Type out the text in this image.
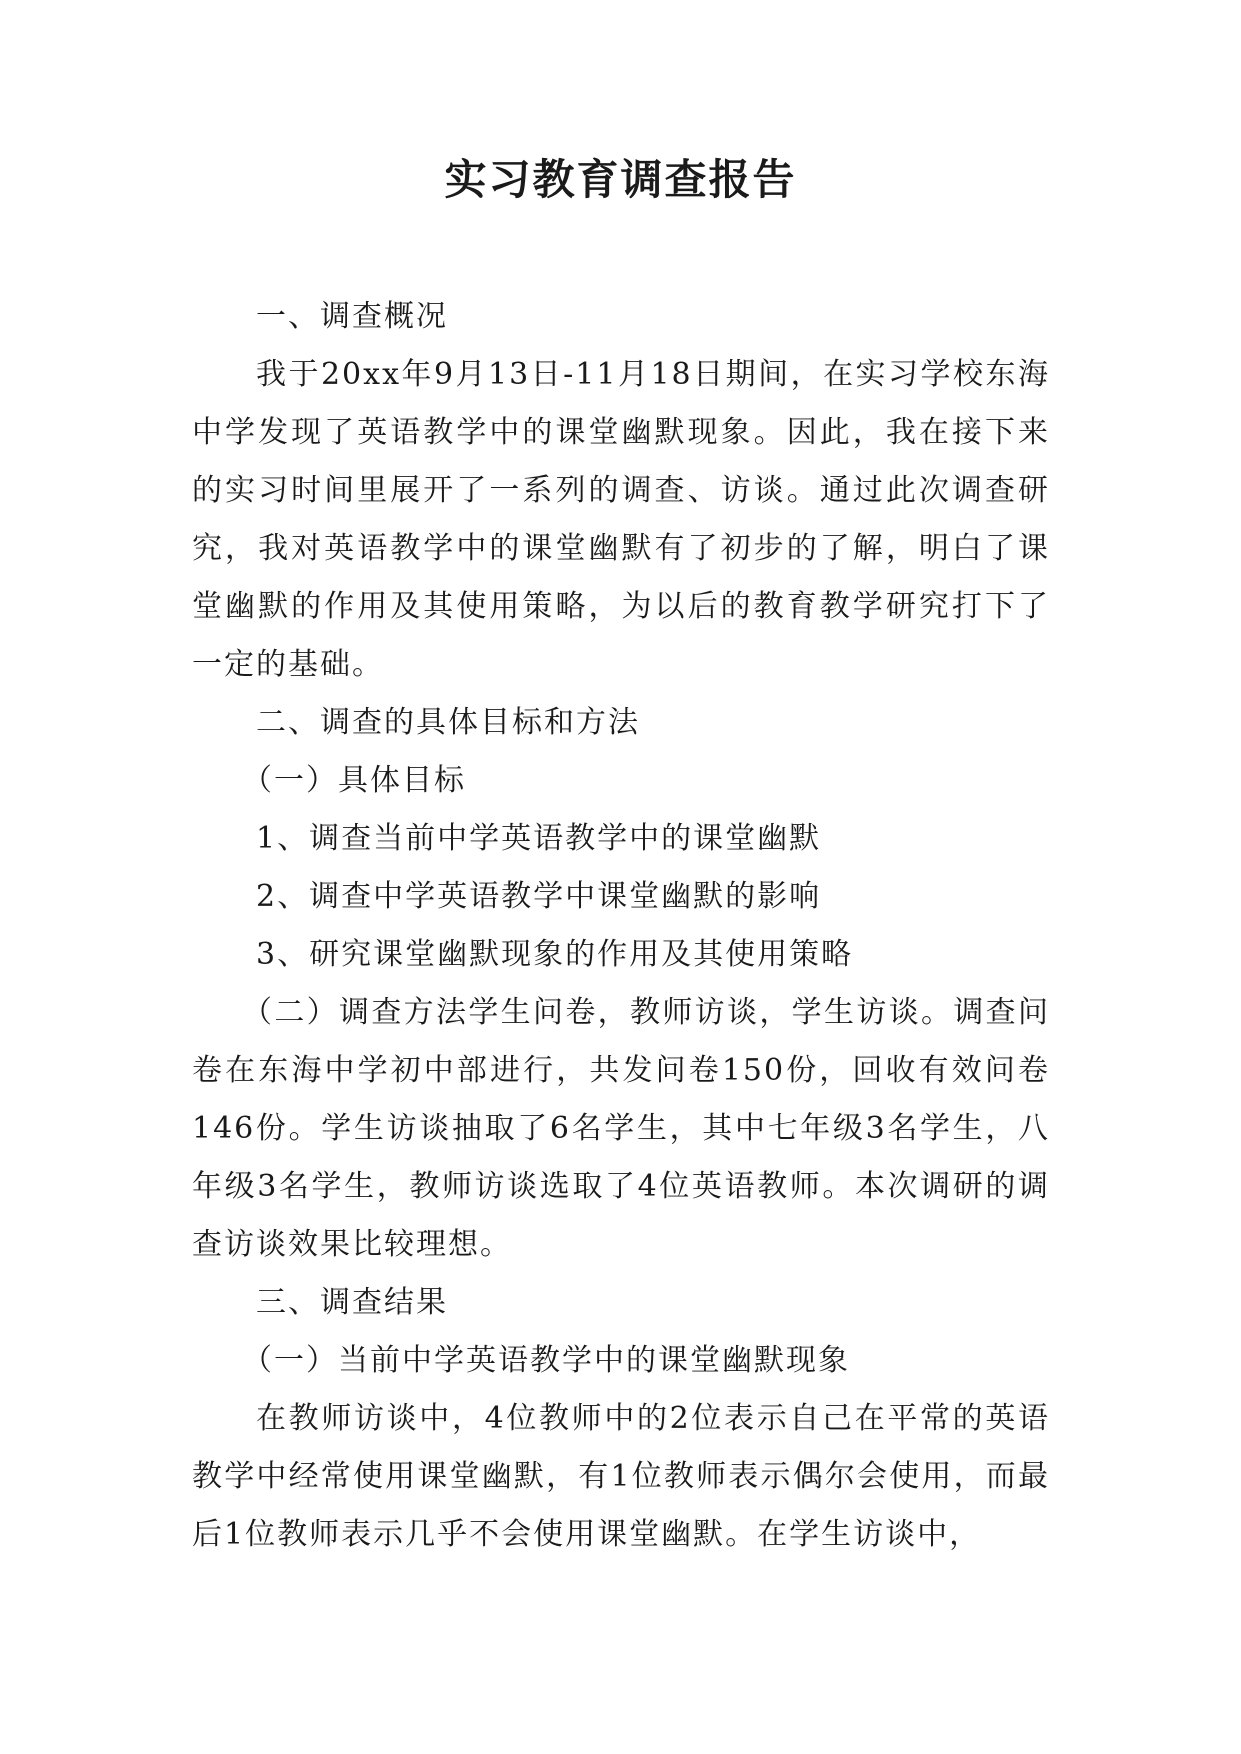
实习教育调查报告

一、调查概况

我于20xx年9月13日-11月18日期间，在实习学校东海中学发现了英语教学中的课堂幽默现象。因此，我在接下来的实习时间里展开了一系列的调查、访谈。通过此次调查研究，我对英语教学中的课堂幽默有了初步的了解，明白了课堂幽默的作用及其使用策略，为以后的教育教学研究打下了一定的基础。

二、调查的具体目标和方法

（一）具体目标

1、调查当前中学英语教学中的课堂幽默

2、调查中学英语教学中课堂幽默的影响

3、研究课堂幽默现象的作用及其使用策略

（二）调查方法学生问卷，教师访谈，学生访谈。调查问卷在东海中学初中部进行，共发问卷150份，回收有效问卷146份。学生访谈抽取了6名学生，其中七年级3名学生，八年级3名学生，教师访谈选取了4位英语教师。本次调研的调查访谈效果比较理想。

三、调查结果

（一）当前中学英语教学中的课堂幽默现象

在教师访谈中，4位教师中的2位表示自己在平常的英语教学中经常使用课堂幽默，有1位教师表示偶尔会使用，而最后1位教师表示几乎不会使用课堂幽默。在学生访谈中，
